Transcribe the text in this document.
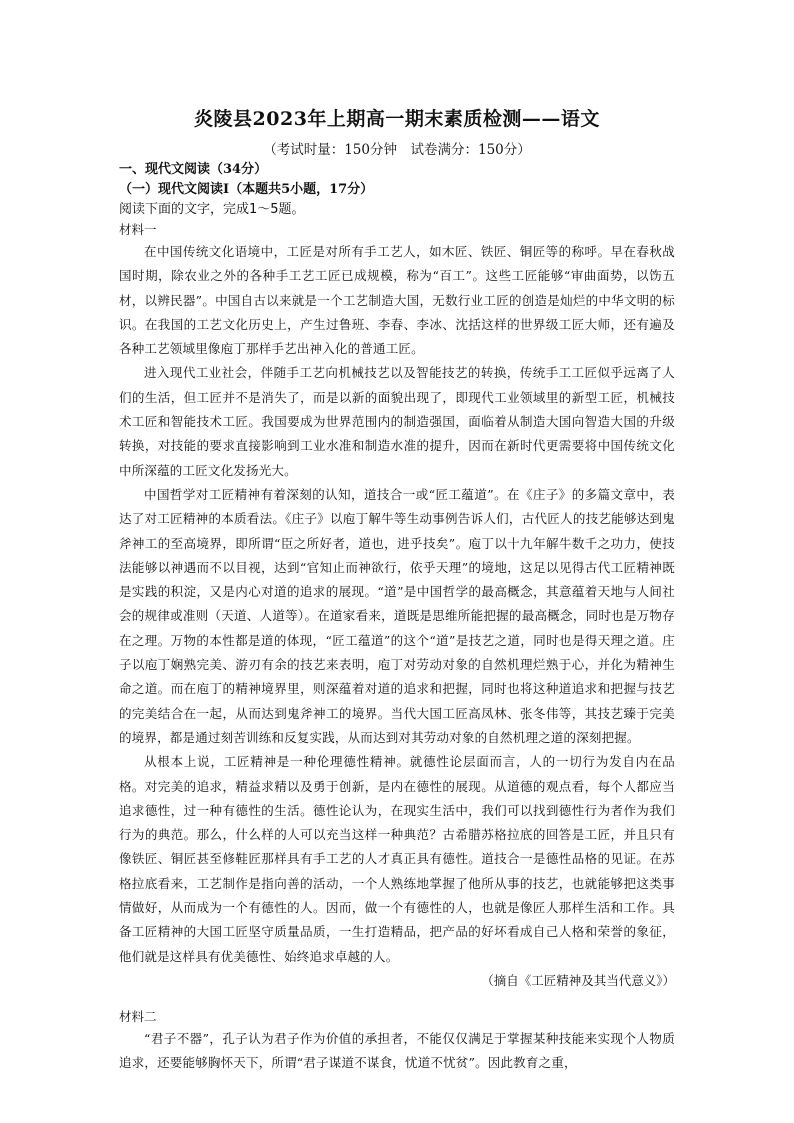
炎陵县2023年上期高一期末素质检测——语文

（考试时量：150分钟　试卷满分：150分）

一、现代文阅读（34分）

（一）现代文阅读Ⅰ（本题共5小题，17分）

阅读下面的文字，完成1～5题。

材料一

在中国传统文化语境中，工匠是对所有手工艺人，如木匠、铁匠、铜匠等的称呼。早在春秋战国时期，除农业之外的各种手工艺工匠已成规模，称为“百工”。这些工匠能够“审曲面势，以饬五材，以辨民器”。中国自古以来就是一个工艺制造大国，无数行业工匠的创造是灿烂的中华文明的标识。在我国的工艺文化历史上，产生过鲁班、李春、李冰、沈括这样的世界级工匠大师，还有遍及各种工艺领域里像庖丁那样手艺出神入化的普通工匠。

进入现代工业社会，伴随手工艺向机械技艺以及智能技艺的转换，传统手工工匠似乎远离了人们的生活，但工匠并不是消失了，而是以新的面貌出现了，即现代工业领域里的新型工匠，机械技术工匠和智能技术工匠。我国要成为世界范围内的制造强国，面临着从制造大国向智造大国的升级转换，对技能的要求直接影响到工业水准和制造水准的提升，因而在新时代更需要将中国传统文化中所深蕴的工匠文化发扬光大。

中国哲学对工匠精神有着深刻的认知，道技合一或“匠工蕴道”。在《庄子》的多篇文章中，表达了对工匠精神的本质看法。《庄子》以庖丁解牛等生动事例告诉人们，古代匠人的技艺能够达到鬼斧神工的至高境界，即所谓“臣之所好者，道也，进乎技矣”。庖丁以十九年解牛数千之功力，使技法能够以神遇而不以目视，达到“官知止而神欲行，依乎天理”的境地，这足以见得古代工匠精神既是实践的积淀，又是内心对道的追求的展现。“道”是中国哲学的最高概念，其意蕴着天地与人间社会的规律或准则（天道、人道等）。在道家看来，道既是思维所能把握的最高概念，同时也是万物存在之理。万物的本性都是道的体现，“匠工蕴道”的这个“道”是技艺之道，同时也是得天理之道。庄子以庖丁娴熟完美、游刃有余的技艺来表明，庖丁对劳动对象的自然机理烂熟于心，并化为精神生命之道。而在庖丁的精神境界里，则深蕴着对道的追求和把握，同时也将这种道追求和把握与技艺的完美结合在一起，从而达到鬼斧神工的境界。当代大国工匠高凤林、张冬伟等，其技艺臻于完美的境界，都是通过刻苦训练和反复实践，从而达到对其劳动对象的自然机理之道的深刻把握。

从根本上说，工匠精神是一种伦理德性精神。就德性论层面而言，人的一切行为发自内在品格。对完美的追求，精益求精以及勇于创新，是内在德性的展现。从道德的观点看，每个人都应当追求德性，过一种有德性的生活。德性论认为，在现实生活中，我们可以找到德性行为者作为我们行为的典范。那么，什么样的人可以充当这样一种典范？古希腊苏格拉底的回答是工匠，并且只有像铁匠、铜匠甚至修鞋匠那样具有手工艺的人才真正具有德性。道技合一是德性品格的见证。在苏格拉底看来，工艺制作是指向善的活动，一个人熟练地掌握了他所从事的技艺，也就能够把这类事情做好，从而成为一个有德性的人。因而，做一个有德性的人，也就是像匠人那样生活和工作。具备工匠精神的大国工匠坚守质量品质，一生打造精品，把产品的好坏看成自己人格和荣誉的象征，他们就是这样具有优美德性、始终追求卓越的人。

（摘自《工匠精神及其当代意义》）

材料二

“君子不器”，孔子认为君子作为价值的承担者，不能仅仅满足于掌握某种技能来实现个人物质追求，还要能够胸怀天下，所谓“君子谋道不谋食，忧道不忧贫”。因此教育之重，
